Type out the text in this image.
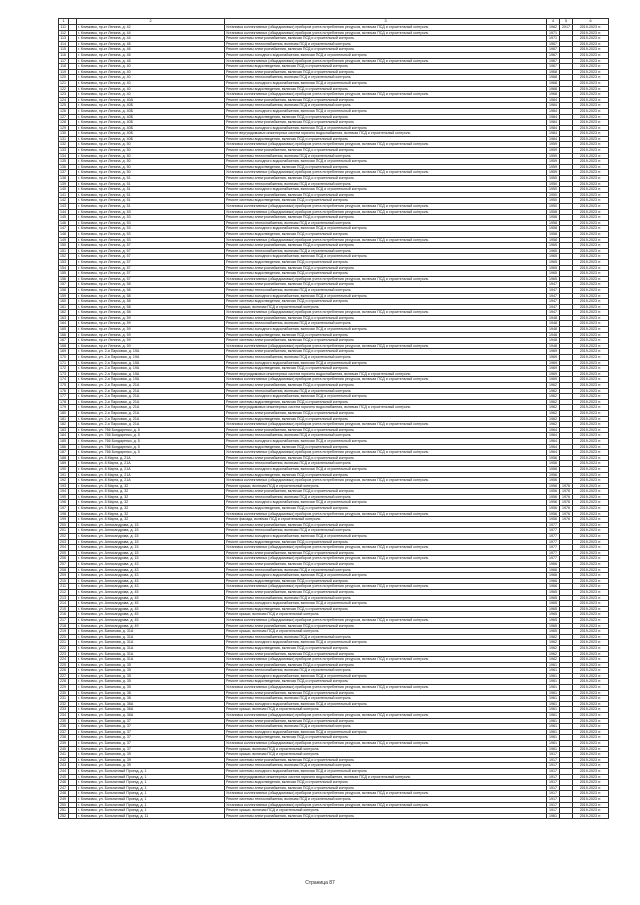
1		2	3	4	5	6
111		г. Климовск, пр-кт Ленина, д. 42	Установка коллективных (общедомовых) приборов учета потребления ресурсов, включая ПСД и строительный контроль	1962	2017	2019-2023 гг.
112		г. Климовск, пр-кт Ленина, д. 44	Установка коллективных (общедомовых) приборов учета потребления ресурсов, включая ПСД и строительный контроль	1971		2019-2023 гг.
113		г. Климовск, пр-кт Ленина, д. 44	Ремонт системы электроснабжения, включая ПСД и строительный контроль	1971		2019-2023 гг.
114		г. Климовск, пр-кт Ленина, д. 46	Ремонт системы теплоснабжения, включая ПСД и строительный контроль	1967		2019-2023 гг.
115		г. Климовск, пр-кт Ленина, д. 46	Ремонт системы электроснабжения, включая ПСД и строительный контроль	1967		2019-2023 гг.
116		г. Климовск, пр-кт Ленина, д. 46	Ремонт системы холодного водоснабжения, включая ПСД и строительный контроль	1967		2019-2023 гг.
117		г. Климовск, пр-кт Ленина, д. 46	Установка коллективных (общедомовых) приборов учета потребления ресурсов, включая ПСД и строительный контроль	1967		2019-2023 гг.
118		г. Климовск, пр-кт Ленина, д. 40	Ремонт системы водоотведения, включая ПСД и строительный контроль	1967		2019-2023 гг.
119		г. Климовск, пр-кт Ленина, д. 40	Ремонт системы электроснабжения, включая ПСД и строительный контроль	1968		2019-2023 гг.
120		г. Климовск, пр-кт Ленина, д. 40	Ремонт системы теплоснабжения, включая ПСД и строительный контроль	1968		2019-2023 гг.
121		г. Климовск, пр-кт Ленина, д. 40	Ремонт системы холодного водоснабжения, включая ПСД и строительный контроль	1968		2019-2023 гг.
122		г. Климовск, пр-кт Ленина, д. 40	Ремонт системы водоотведения, включая ПСД и строительный контроль	1968		2019-2023 гг.
123		г. Климовск, пр-кт Ленина, д. 40	Установка коллективных (общедомовых) приборов учета потребления ресурсов, включая ПСД и строительный контроль	1968		2019-2023 гг.
124		г. Климовск, пр-кт Ленина, д. 40А	Ремонт системы электроснабжения, включая ПСД и строительный контроль	1984		2019-2023 гг.
125		г. Климовск, пр-кт Ленина, д. 40Б	Ремонт системы теплоснабжения, включая ПСД и строительный контроль	1984		2019-2023 гг.
126		г. Климовск, пр-кт Ленина, д. 40Б	Ремонт системы холодного водоснабжения, включая ПСД и строительный контроль	1984		2019-2023 гг.
127		г. Климовск, пр-кт Ленина, д. 40Б	Ремонт системы водоотведения, включая ПСД и строительный контроль	1984		2019-2023 гг.
128		г. Климовск, пр-кт Ленина, д. 40Б	Ремонт системы электроснабжения, включая ПСД и строительный контроль	1984		2019-2023 гг.
129		г. Климовск, пр-кт Ленина, д. 40Б	Ремонт системы холодного водоснабжения, включая ПСД и строительный контроль	1984		2019-2023 гг.
130		г. Климовск, пр-кт Ленина, д. 40Б	Ремонт внутридомовых инженерных систем горячего водоснабжения, включая ПСД и строительный контроль	1984		2019-2023 гг.
131		г. Климовск, пр-кт Ленина, д. 40Б	Ремонт системы водоотведения, включая ПСД и строительный контроль	1984		2019-2023 гг.
132		г. Климовск, пр-кт Ленина, д. 50	Установка коллективных (общедомовых) приборов учета потребления ресурсов, включая ПСД и строительный контроль	1959		2019-2023 гг.
133		г. Климовск, пр-кт Ленина, д. 50	Ремонт системы электроснабжения, включая ПСД и строительный контроль	1959		2019-2023 гг.
134		г. Климовск, пр-кт Ленина, д. 50	Ремонт системы теплоснабжения, включая ПСД и строительный контроль	1959		2019-2023 гг.
135		г. Климовск, пр-кт Ленина, д. 50	Ремонт системы холодного водоснабжения, включая ПСД и строительный контроль	1959		2019-2023 гг.
136		г. Климовск, пр-кт Ленина, д. 50	Ремонт системы водоотведения, включая ПСД и строительный контроль	1959		2019-2023 гг.
137		г. Климовск, пр-кт Ленина, д. 50	Установка коллективных (общедомовых) приборов учета потребления ресурсов, включая ПСД и строительный контроль	1959		2019-2023 гг.
138		г. Климовск, пр-кт Ленина, д. 51	Ремонт системы электроснабжения, включая ПСД и строительный контроль	1950		2019-2023 гг.
139		г. Климовск, пр-кт Ленина, д. 51	Ремонт системы теплоснабжения, включая ПСД и строительный контроль	1950		2019-2023 гг.
140		г. Климовск, пр-кт Ленина, д. 51	Ремонт системы холодного водоснабжения, включая ПСД и строительный контроль	1950		2019-2023 гг.
141		г. Климовск, пр-кт Ленина, д. 51	Ремонт системы электроснабжения, включая ПСД и строительный контроль	1950		2019-2023 гг.
142		г. Климовск, пр-кт Ленина, д. 51	Ремонт системы водоотведения, включая ПСД и строительный контроль	1950		2019-2023 гг.
143		г. Климовск, пр-кт Ленина, д. 51	Установка коллективных (общедомовых) приборов учета потребления ресурсов, включая ПСД и строительный контроль	1950		2019-2023 гг.
144		г. Климовск, пр-кт Ленина, д. 53	Установка коллективных (общедомовых) приборов учета потребления ресурсов, включая ПСД и строительный контроль	1958		2019-2023 гг.
145		г. Климовск, пр-кт Ленина, д. 53	Ремонт системы электроснабжения, включая ПСД и строительный контроль	1958		2019-2023 гг.
146		г. Климовск, пр-кт Ленина, д. 53	Ремонт системы теплоснабжения, включая ПСД и строительный контроль	1958		2019-2023 гг.
147		г. Климовск, пр-кт Ленина, д. 53	Ремонт системы холодного водоснабжения, включая ПСД и строительный контроль	1958		2019-2023 гг.
148		г. Климовск, пр-кт Ленина, д. 53	Ремонт системы водоотведения, включая ПСД и строительный контроль	1958		2019-2023 гг.
149		г. Климовск, пр-кт Ленина, д. 53	Установка коллективных (общедомовых) приборов учета потребления ресурсов, включая ПСД и строительный контроль	1958		2019-2023 гг.
150		г. Климовск, пр-кт Ленина, д. 57	Ремонт системы электроснабжения, включая ПСД и строительный контроль	1965		2019-2023 гг.
151		г. Климовск, пр-кт Ленина, д. 57	Ремонт системы теплоснабжения, включая ПСД и строительный контроль	1965		2019-2023 гг.
152		г. Климовск, пр-кт Ленина, д. 57	Ремонт системы холодного водоснабжения, включая ПСД и строительный контроль	1965		2019-2023 гг.
153		г. Климовск, пр-кт Ленина, д. 57	Ремонт системы водоотведения, включая ПСД и строительный контроль	1965		2019-2023 гг.
154		г. Климовск, пр-кт Ленина, д. 57	Ремонт системы электроснабжения, включая ПСД и строительный контроль	1965		2019-2023 гг.
155		г. Климовск, пр-кт Ленина, д. 57	Ремонт системы водоотведения, включая ПСД и строительный контроль	1965		2019-2023 гг.
156		г. Климовск, пр-кт Ленина, д. 57	Установка коллективных (общедомовых) приборов учета потребления ресурсов, включая ПСД и строительный контроль	1965		2019-2023 гг.
157		г. Климовск, пр-кт Ленина, д. 58	Ремонт системы электроснабжения, включая ПСД и строительный контроль	1947		2019-2023 гг.
158		г. Климовск, пр-кт Ленина, д. 58	Ремонт системы теплоснабжения, включая ПСД и строительный контроль	1947		2019-2023 гг.
159		г. Климовск, пр-кт Ленина, д. 58	Ремонт системы холодного водоснабжения, включая ПСД и строительный контроль	1947		2019-2023 гг.
160		г. Климовск, пр-кт Ленина, д. 58	Ремонт системы водоотведения, включая ПСД и строительный контроль	1947		2019-2023 гг.
161		г. Климовск, пр-кт Ленина, д. 58	Ремонт крыши, включая ПСД и строительный контроль	1947		2019-2023 гг.
162		г. Климовск, пр-кт Ленина, д. 58	Установка коллективных (общедомовых) приборов учета потребления ресурсов, включая ПСД и строительный контроль	1947		2019-2023 гг.
163		г. Климовск, пр-кт Ленина, д. 59	Ремонт системы электроснабжения, включая ПСД и строительный контроль	1948		2019-2023 гг.
164		г. Климовск, пр-кт Ленина, д. 59	Ремонт системы теплоснабжения, включая ПСД и строительный контроль	1948		2019-2023 гг.
165		г. Климовск, пр-кт Ленина, д. 59	Ремонт системы холодного водоснабжения, включая ПСД и строительный контроль	1948		2019-2023 гг.
166		г. Климовск, пр-кт Ленина, д. 59	Ремонт системы водоотведения, включая ПСД и строительный контроль	1948		2019-2023 гг.
167		г. Климовск, пр-кт Ленина, д. 59	Ремонт системы электроснабжения, включая ПСД и строительный контроль	1948		2019-2023 гг.
168		г. Климовск, пр-кт Ленина, д. 59	Установка коллективных (общедомовых) приборов учета потребления ресурсов, включая ПСД и строительный контроль	1948		2019-2023 гг.
169		г. Климовск, ул. 2-я Парковая, д. 19А	Ремонт системы электроснабжения, включая ПСД и строительный контроль	1969		2019-2023 гг.
170		г. Климовск, ул. 2-я Парковая, д. 19А	Ремонт системы теплоснабжения, включая ПСД и строительный контроль	1969		2019-2023 гг.
171		г. Климовск, ул. 2-я Парковая, д. 19А	Ремонт системы холодного водоснабжения, включая ПСД и строительный контроль	1969		2019-2023 гг.
172		г. Климовск, ул. 2-я Парковая, д. 19А	Ремонт системы водоотведения, включая ПСД и строительный контроль	1969		2019-2023 гг.
173		г. Климовск, ул. 2-я Парковая, д. 19А	Ремонт внутридомовых инженерных систем горячего водоснабжения, включая ПСД и строительный контроль	1969		2019-2023 гг.
174		г. Климовск, ул. 2-я Парковая, д. 19А	Установка коллективных (общедомовых) приборов учета потребления ресурсов, включая ПСД и строительный контроль	1969		2019-2023 гг.
175		г. Климовск, ул. 2-я Парковая, д. 21А	Ремонт системы электроснабжения, включая ПСД и строительный контроль	1962		2019-2023 гг.
176		г. Климовск, ул. 2-я Парковая, д. 21А	Ремонт системы теплоснабжения, включая ПСД и строительный контроль	1962		2019-2023 гг.
177		г. Климовск, ул. 2-я Парковая, д. 21А	Ремонт системы холодного водоснабжения, включая ПСД и строительный контроль	1962		2019-2023 гг.
178		г. Климовск, ул. 2-я Парковая, д. 21А	Ремонт системы водоотведения, включая ПСД и строительный контроль	1962		2019-2023 гг.
179		г. Климовск, ул. 2-я Парковая, д. 21А	Ремонт внутридомовых инженерных систем горячего водоснабжения, включая ПСД и строительный контроль	1962		2019-2023 гг.
180		г. Климовск, ул. 2-я Парковая, д. 21А	Ремонт системы электроснабжения, включая ПСД и строительный контроль	1962		2019-2023 гг.
181		г. Климовск, ул. 2-я Парковая, д. 21А	Ремонт системы водоотведения, включая ПСД и строительный контроль	1962		2019-2023 гг.
182		г. Климовск, ул. 2-я Парковая, д. 21А	Установка коллективных (общедомовых) приборов учета потребления ресурсов, включая ПСД и строительный контроль	1962		2019-2023 гг.
183		г. Климовск, ул. 766 Бондаренко, д. 5	Ремонт системы электроснабжения, включая ПСД и строительный контроль	1964		2019-2023 гг.
184		г. Климовск, ул. 766 Бондаренко, д. 5	Ремонт системы теплоснабжения, включая ПСД и строительный контроль	1964		2019-2023 гг.
185		г. Климовск, ул. 766 Бондаренко, д. 5	Ремонт системы холодного водоснабжения, включая ПСД и строительный контроль	1964		2019-2023 гг.
186		г. Климовск, ул. 766 Бондаренко, д. 5	Ремонт системы водоотведения, включая ПСД и строительный контроль	1964		2019-2023 гг.
187		г. Климовск, ул. 766 Бондаренко, д. 5	Установка коллективных (общедомовых) приборов учета потребления ресурсов, включая ПСД и строительный контроль	1964		2019-2023 гг.
188		г. Климовск, ул. 8 Марта, д. 21А	Ремонт системы электроснабжения, включая ПСД и строительный контроль	1956		2019-2023 гг.
189		г. Климовск, ул. 8 Марта, д. 21А	Ремонт системы теплоснабжения, включая ПСД и строительный контроль	1956		2019-2023 гг.
190		г. Климовск, ул. 8 Марта, д. 21А	Ремонт системы холодного водоснабжения, включая ПСД и строительный контроль	1956		2019-2023 гг.
191		г. Климовск, ул. 8 Марта, д. 21А	Ремонт системы водоотведения, включая ПСД и строительный контроль	1956		2019-2023 гг.
192		г. Климовск, ул. 8 Марта, д. 21А	Установка коллективных (общедомовых) приборов учета потребления ресурсов, включая ПСД и строительный контроль	1956		2019-2023 гг.
193		г. Климовск, ул. 8 Марта, д. 32	Ремонт крыши, включая ПСД и строительный контроль	1956	1976	2019-2023 гг.
194		г. Климовск, ул. 8 Марта, д. 32	Ремонт системы электроснабжения, включая ПСД и строительный контроль	1956	1976	2019-2023 гг.
195		г. Климовск, ул. 8 Марта, д. 32	Ремонт системы теплоснабжения, включая ПСД и строительный контроль	1956	1976	2019-2023 гг.
196		г. Климовск, ул. 8 Марта, д. 32	Ремонт системы холодного водоснабжения, включая ПСД и строительный контроль	1956	1976	2019-2023 гг.
197		г. Климовск, ул. 8 Марта, д. 32	Ремонт системы водоотведения, включая ПСД и строительный контроль	1956	1976	2019-2023 гг.
198		г. Климовск, ул. 8 Марта, д. 32	Установка коллективных (общедомовых) приборов учета потребления ресурсов, включая ПСД и строительный контроль	1956	1976	2019-2023 гг.
199		г. Климовск, ул. 8 Марта, д. 32	Ремонт фасада, включая ПСД и строительный контроль	1956	1976	2019-2023 гг.
200		г. Климовск, ул. Александрова, д. 15	Ремонт системы электроснабжения, включая ПСД и строительный контроль	1977		2019-2023 гг.
201		г. Климовск, ул. Александрова, д. 15	Ремонт системы теплоснабжения, включая ПСД и строительный контроль	1977		2019-2023 гг.
202		г. Климовск, ул. Александрова, д. 15	Ремонт системы холодного водоснабжения, включая ПСД и строительный контроль	1977		2019-2023 гг.
203		г. Климовск, ул. Александрова, д. 15	Ремонт системы водоотведения, включая ПСД и строительный контроль	1977		2019-2023 гг.
204		г. Климовск, ул. Александрова, д. 15	Установка коллективных (общедомовых) приборов учета потребления ресурсов, включая ПСД и строительный контроль	1977		2019-2023 гг.
205		г. Климовск, ул. Александрова, д. 15	Ремонт системы электроснабжения, включая ПСД и строительный контроль	1977		2019-2023 гг.
206		г. Климовск, ул. Александрова, д. 15	Установка коллективных (общедомовых) приборов учета потребления ресурсов, включая ПСД и строительный контроль	1977		2019-2023 гг.
207		г. Климовск, ул. Александрова, д. 43	Ремонт системы электроснабжения, включая ПСД и строительный контроль	1966		2019-2023 гг.
208		г. Климовск, ул. Александрова, д. 43	Ремонт системы теплоснабжения, включая ПСД и строительный контроль	1966		2019-2023 гг.
209		г. Климовск, ул. Александрова, д. 43	Ремонт системы холодного водоснабжения, включая ПСД и строительный контроль	1966		2019-2023 гг.
210		г. Климовск, ул. Александрова, д. 43	Ремонт системы водоотведения, включая ПСД и строительный контроль	1966		2019-2023 гг.
211		г. Климовск, ул. Александрова, д. 43	Установка коллективных (общедомовых) приборов учета потребления ресурсов, включая ПСД и строительный контроль	1966		2019-2023 гг.
212		г. Климовск, ул. Александрова, д. 45	Ремонт системы электроснабжения, включая ПСД и строительный контроль	1965		2019-2023 гг.
213		г. Климовск, ул. Александрова, д. 45	Ремонт системы теплоснабжения, включая ПСД и строительный контроль	1965		2019-2023 гг.
214		г. Климовск, ул. Александрова, д. 45	Ремонт системы холодного водоснабжения, включая ПСД и строительный контроль	1965		2019-2023 гг.
215		г. Климовск, ул. Александрова, д. 45	Ремонт системы водоотведения, включая ПСД и строительный контроль	1965		2019-2023 гг.
216		г. Климовск, ул. Александрова, д. 45	Ремонт крыши, включая ПСД и строительный контроль	1965		2019-2023 гг.
217		г. Климовск, ул. Александрова, д. 45	Установка коллективных (общедомовых) приборов учета потребления ресурсов, включая ПСД и строительный контроль	1965		2019-2023 гг.
218		г. Климовск, ул. Александрова, д. 49	Ремонт системы электроснабжения, включая ПСД и строительный контроль	1965		2019-2023 гг.
219		г. Климовск, ул. Бапанова, д. 31А	Ремонт крыши, включая ПСД и строительный контроль	1965		2019-2023 гг.
220		г. Климовск, ул. Бапанова, д. 31А	Ремонт системы теплоснабжения, включая ПСД и строительный контроль	1962		2019-2023 гг.
221		г. Климовск, ул. Бапанова, д. 31А	Ремонт системы холодного водоснабжения, включая ПСД и строительный контроль	1962		2019-2023 гг.
222		г. Климовск, ул. Бапанова, д. 31А	Ремонт системы водоотведения, включая ПСД и строительный контроль	1962		2019-2023 гг.
223		г. Климовск, ул. Бапанова, д. 31А	Ремонт системы электроснабжения, включая ПСД и строительный контроль	1962		2019-2023 гг.
224		г. Климовск, ул. Бапанова, д. 31А	Установка коллективных (общедомовых) приборов учета потребления ресурсов, включая ПСД и строительный контроль	1962		2019-2023 гг.
225		г. Климовск, ул. Бапанова, д. 35	Ремонт системы электроснабжения, включая ПСД и строительный контроль	1961		2019-2023 гг.
226		г. Климовск, ул. Бапанова, д. 35	Ремонт системы теплоснабжения, включая ПСД и строительный контроль	1961		2019-2023 гг.
227		г. Климовск, ул. Бапанова, д. 35	Ремонт системы холодного водоснабжения, включая ПСД и строительный контроль	1961		2019-2023 гг.
228		г. Климовск, ул. Бапанова, д. 35	Ремонт системы водоотведения, включая ПСД и строительный контроль	1961		2019-2023 гг.
229		г. Климовск, ул. Бапанова, д. 35	Установка коллективных (общедомовых) приборов учета потребления ресурсов, включая ПСД и строительный контроль	1961		2019-2023 гг.
230		г. Климовск, ул. Бапанова, д. 36	Ремонт системы электроснабжения, включая ПСД и строительный контроль	1961		2019-2023 гг.
231		г. Климовск, ул. Бапанова, д. 36	Ремонт системы теплоснабжения, включая ПСД и строительный контроль	1961		2019-2023 гг.
232		г. Климовск, ул. Бапанова, д. 36А	Ремонт системы холодного водоснабжения, включая ПСД и строительный контроль	1961		2019-2023 гг.
233		г. Климовск, ул. Бапанова, д. 36А	Ремонт крыши, включая ПСД и строительный контроль	1961		2019-2023 гг.
234		г. Климовск, ул. Бапанова, д. 36А	Установка коллективных (общедомовых) приборов учета потребления ресурсов, включая ПСД и строительный контроль	1961		2019-2023 гг.
235		г. Климовск, ул. Бапанова, д. 37	Ремонт системы электроснабжения, включая ПСД и строительный контроль	1961		2019-2023 гг.
236		г. Климовск, ул. Бапанова, д. 37	Ремонт системы теплоснабжения, включая ПСД и строительный контроль	1961		2019-2023 гг.
237		г. Климовск, ул. Бапанова, д. 37	Ремонт системы холодного водоснабжения, включая ПСД и строительный контроль	1961		2019-2023 гг.
238		г. Климовск, ул. Бапанова, д. 37	Ремонт системы водоотведения, включая ПСД и строительный контроль	1961		2019-2023 гг.
239		г. Климовск, ул. Бапанова, д. 37	Установка коллективных (общедомовых) приборов учета потребления ресурсов, включая ПСД и строительный контроль	1961		2019-2023 гг.
240		г. Климовск, ул. Бапанова, д. 37	Ремонт крыши, включая ПСД и строительный контроль	1961		2019-2023 гг.
241		г. Климовск, ул. Бапанова, д. 39	Ремонт крыши, включая ПСД и строительный контроль	1917		2019-2023 гг.
242		г. Климовск, ул. Бапанова, д. 39	Ремонт системы электроснабжения, включая ПСД и строительный контроль	1917		2019-2023 гг.
243		г. Климовск, ул. Бапанова, д. 39	Ремонт системы теплоснабжения, включая ПСД и строительный контроль	1917		2019-2023 гг.
244		г. Климовск, ул. Больничный Проезд, д. 1	Ремонт системы холодного водоснабжения, включая ПСД и строительный контроль	1917		2019-2023 гг.
245		г. Климовск, ул. Больничный Проезд, д. 1	Ремонт внутридомовых инженерных систем горячего водоснабжения, включая ПСД и строительный контроль	1917		2019-2023 гг.
246		г. Климовск, ул. Больничный Проезд, д. 1	Ремонт системы водоотведения, включая ПСД и строительный контроль	1917		2019-2023 гг.
247		г. Климовск, ул. Больничный Проезд, д. 1	Ремонт системы электроснабжения, включая ПСД и строительный контроль	1917		2019-2023 гг.
248		г. Климовск, ул. Больничный Проезд, д. 1	Установка коллективных (общедомовых) приборов учета потребления ресурсов, включая ПСД и строительный контроль	1917		2019-2023 гг.
249		г. Климовск, ул. Больничный Проезд, д. 1	Ремонт системы теплоснабжения, включая ПСД и строительный контроль	1917		2019-2023 гг.
250		г. Климовск, ул. Больничный Проезд, д. 1	Установка коллективных (общедомовых) приборов учета потребления ресурсов, включая ПСД и строительный контроль	1917		2019-2023 гг.
251		г. Климовск, ул. Больничный Проезд, д. 1	Ремонт крыши, включая ПСД и строительный контроль	1917		2019-2023 гг.
252		г. Климовск, ул. Больничный Проезд, д. 11	Ремонт системы электроснабжения, включая ПСД и строительный контроль	1961		2019-2023 гг.
Страница 87
